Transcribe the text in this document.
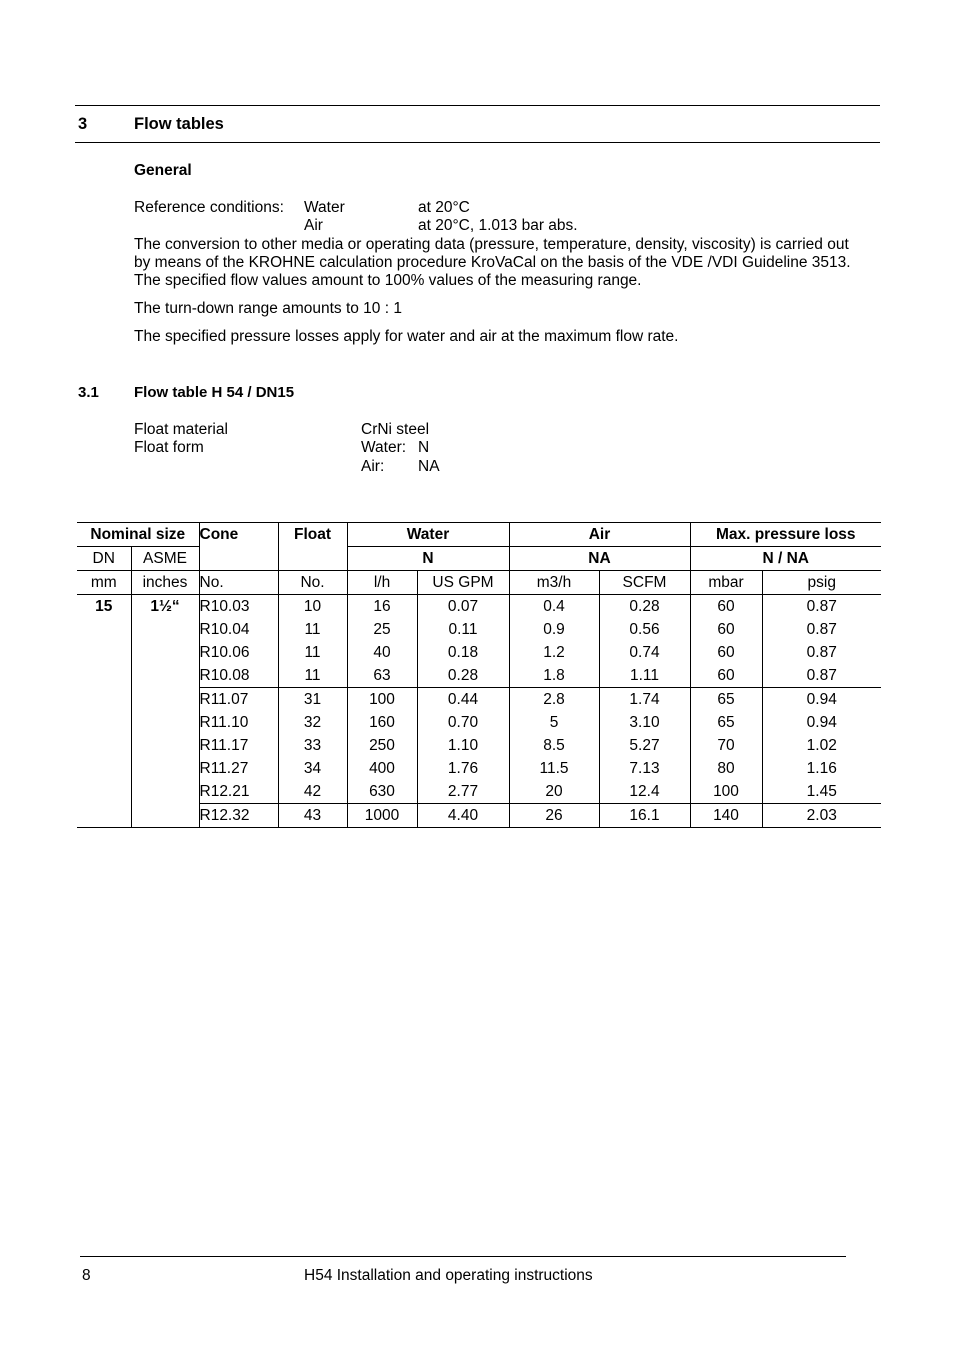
3	Flow tables
General
Reference conditions: Water	at 20°C
Air	at 20°C, 1.013 bar abs.
The conversion to other media or operating data (pressure, temperature, density, viscosity) is carried out
by means of the KROHNE calculation procedure KroVaCal on the basis of the VDE /VDI Guideline 3513.
The specified flow values amount to 100% values of the measuring range.
The turn-down range amounts to 10 : 1
The specified pressure losses apply for water and air at the maximum flow rate.
3.1 Flow table H 54 / DN15
Float material	CrNi steel
Float form	Water: N
Air: NA
Nominal size		Cone	Float	Water		Air		Max. pressure loss	
DN	ASME			N		NA		N / NA	
mm	inches	No.	No.	l/h	US GPM	m3/h	SCFM	mbar	psig
15	1½“	R10.03	10	16	0.07	0.4	0.28	60	0.87
		R10.04	11	25	0.11	0.9	0.56	60	0.87
		R10.06	11	40	0.18	1.2	0.74	60	0.87
		R10.08	11	63	0.28	1.8	1.11	60	0.87
		R11.07	31	100	0.44	2.8	1.74	65	0.94
		R11.10	32	160	0.70	5	3.10	65	0.94
		R11.17	33	250	1.10	8.5	5.27	70	1.02
		R11.27	34	400	1.76	11.5	7.13	80	1.16
		R12.21	42	630	2.77	20	12.4	100	1.45
		R12.32	43	1000	4.40	26	16.1	140	2.03
8	H54 Installation and operating instructions
